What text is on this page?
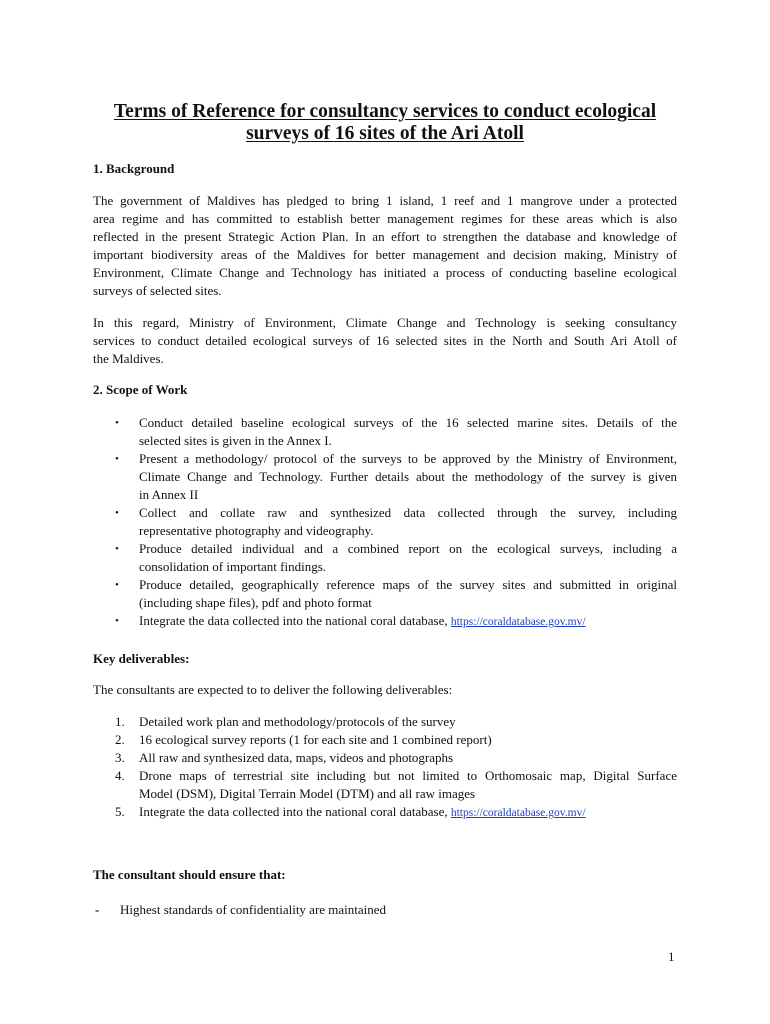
Terms of Reference for consultancy services to conduct ecological
surveys of 16 sites of the Ari Atoll
1. Background
The government of Maldives has pledged to bring 1 island, 1 reef and 1 mangrove under a protected
area regime and has committed to establish better management regimes for these areas which is also
reflected in the present Strategic Action Plan. In an effort to strengthen the database and knowledge of
important biodiversity areas of the Maldives for better management and decision making, Ministry of
Environment, Climate Change and Technology has initiated a process of conducting baseline ecological
surveys of selected sites.
In this regard, Ministry of Environment, Climate Change and Technology is seeking consultancy
services to conduct detailed ecological surveys of 16 selected sites in the North and South Ari Atoll of
the Maldives.
2. Scope of Work
• Conduct detailed baseline ecological surveys of the 16 selected marine sites. Details of the
selected sites is given in the Annex I.
• Present a methodology/ protocol of the surveys to be approved by the Ministry of Environment,
Climate Change and Technology. Further details about the methodology of the survey is given
in Annex II
• Collect and collate raw and synthesized data collected through the survey, including
representative photography and videography.
• Produce detailed individual and a combined report on the ecological surveys, including a
consolidation of important findings.
• Produce detailed, geographically reference maps of the survey sites and submitted in original
(including shape files), pdf and photo format
• Integrate the data collected into the national coral database, https://coraldatabase.gov.mv/
Key deliverables:
The consultants are expected to to deliver the following deliverables:
1. Detailed work plan and methodology/protocols of the survey
2. 16 ecological survey reports (1 for each site and 1 combined report)
3. All raw and synthesized data, maps, videos and photographs
4. Drone maps of terrestrial site including but not limited to Orthomosaic map, Digital Surface
Model (DSM), Digital Terrain Model (DTM) and all raw images
5. Integrate the data collected into the national coral database, https://coraldatabase.gov.mv/
The consultant should ensure that:
- Highest standards of confidentiality are maintained
1
